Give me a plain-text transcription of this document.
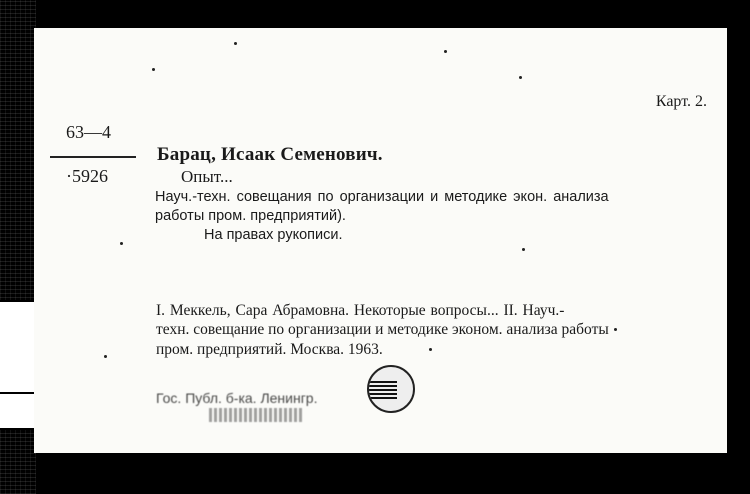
Карт. 2.
63—4
·5926
Барац, Исаак Семенович.
Опыт...
Науч.-техн. совещания по организации и методике экон. анализа
работы пром. предприятий).
На правах рукописи.
I. Меккель, Сара Абрамовна. Некоторые вопросы... II. Науч.-
техн. совещание по организации и методике эконом. анализа работы
пром. предприятий. Москва. 1963.
Гос. Публ. б-ка. Ленингр.
